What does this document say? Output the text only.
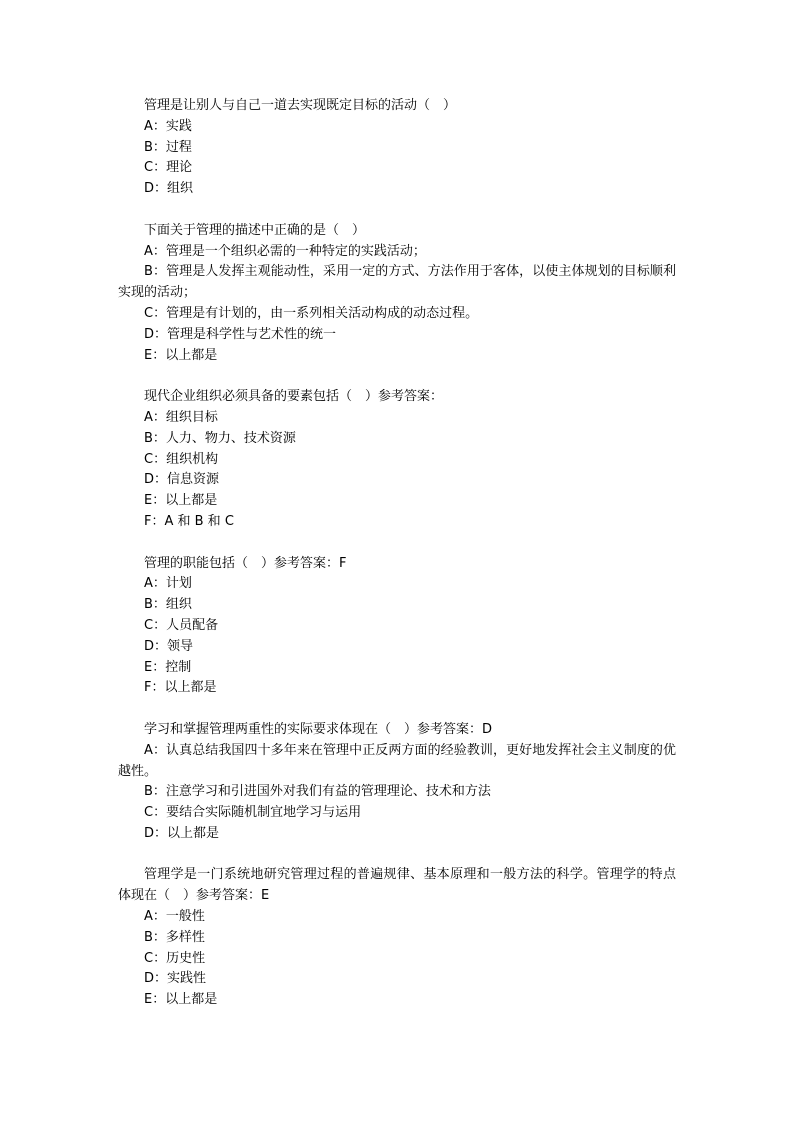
管理是让别人与自己一道去实现既定目标的活动（　）

A：实践

B：过程

C：理论

D：组织

下面关于管理的描述中正确的是（　）

A：管理是一个组织必需的一种特定的实践活动；

B：管理是人发挥主观能动性，采用一定的方式、方法作用于客体，以使主体规划的目标顺利实现的活动；

C：管理是有计划的，由一系列相关活动构成的动态过程。

D：管理是科学性与艺术性的统一

E：以上都是

现代企业组织必须具备的要素包括（　）参考答案：

A：组织目标

B：人力、物力、技术资源

C：组织机构

D：信息资源

E：以上都是

F：A 和 B 和 C

管理的职能包括（　）参考答案：F

A：计划

B：组织

C：人员配备

D：领导

E：控制

F：以上都是

学习和掌握管理两重性的实际要求体现在（　）参考答案：D

A：认真总结我国四十多年来在管理中正反两方面的经验教训，更好地发挥社会主义制度的优越性。

B：注意学习和引进国外对我们有益的管理理论、技术和方法

C：要结合实际随机制宜地学习与运用

D：以上都是

管理学是一门系统地研究管理过程的普遍规律、基本原理和一般方法的科学。管理学的特点体现在（　）参考答案：E

A：一般性

B：多样性

C：历史性

D：实践性

E：以上都是
